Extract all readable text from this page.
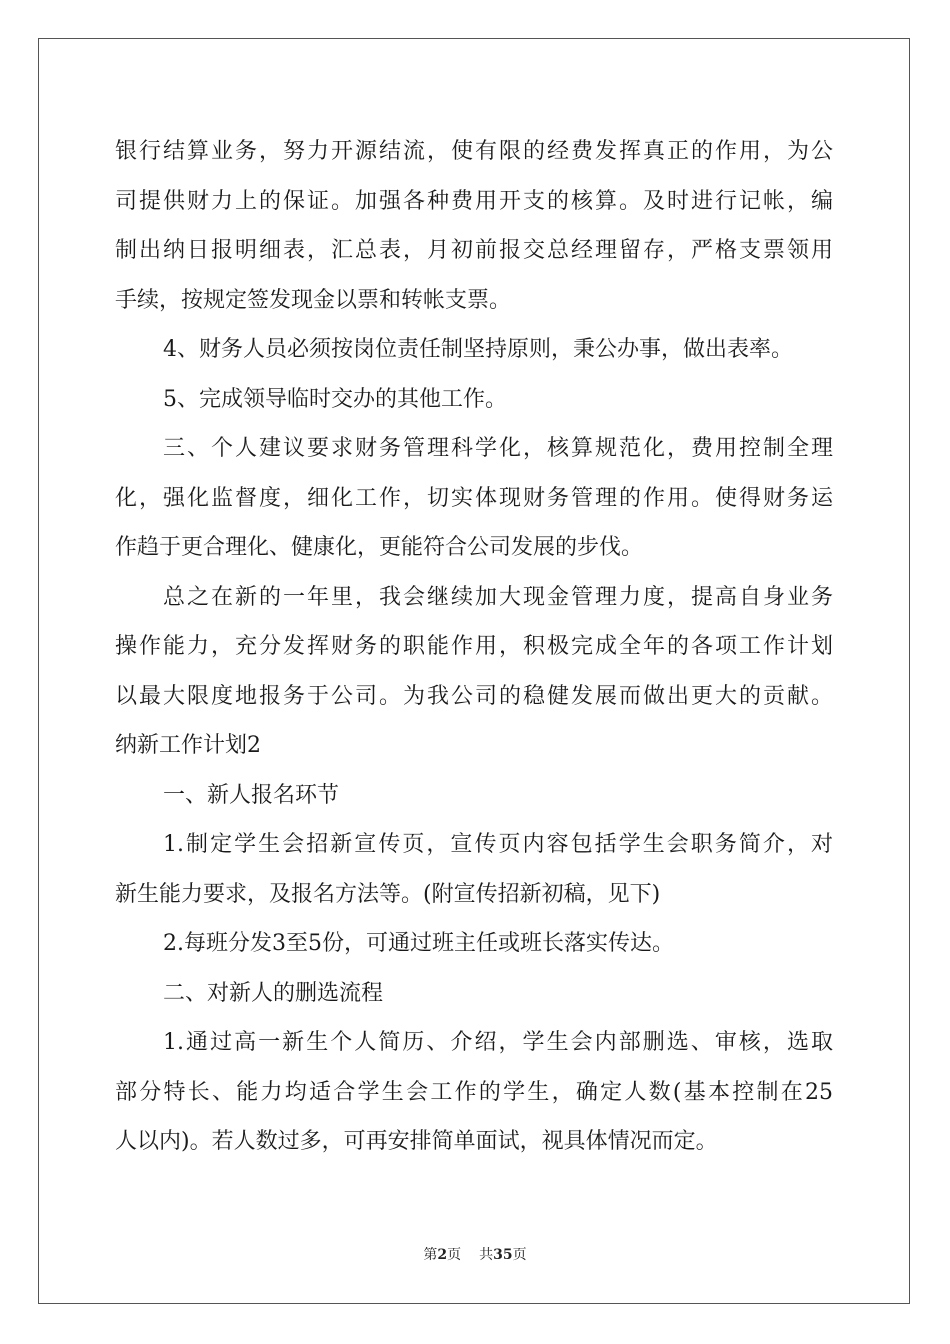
银行结算业务，努力开源结流，使有限的经费发挥真正的作用，为公
司提供财力上的保证。加强各种费用开支的核算。及时进行记帐，编
制出纳日报明细表，汇总表，月初前报交总经理留存，严格支票领用
手续，按规定签发现金以票和转帐支票。
4、财务人员必须按岗位责任制坚持原则，秉公办事，做出表率。
5、完成领导临时交办的其他工作。
三、个人建议要求财务管理科学化，核算规范化，费用控制全理
化，强化监督度，细化工作，切实体现财务管理的作用。使得财务运
作趋于更合理化、健康化，更能符合公司发展的步伐。
总之在新的一年里，我会继续加大现金管理力度，提高自身业务
操作能力，充分发挥财务的职能作用，积极完成全年的各项工作计划
以最大限度地报务于公司。为我公司的稳健发展而做出更大的贡献。
纳新工作计划2
一、新人报名环节
1.制定学生会招新宣传页，宣传页内容包括学生会职务简介，对
新生能力要求，及报名方法等。(附宣传招新初稿，见下)
2.每班分发3至5份，可通过班主任或班长落实传达。
二、对新人的删选流程
1.通过高一新生个人简历、介绍，学生会内部删选、审核，选取
部分特长、能力均适合学生会工作的学生，确定人数(基本控制在25
人以内)。若人数过多，可再安排简单面试，视具体情况而定。
第2页 共35页
